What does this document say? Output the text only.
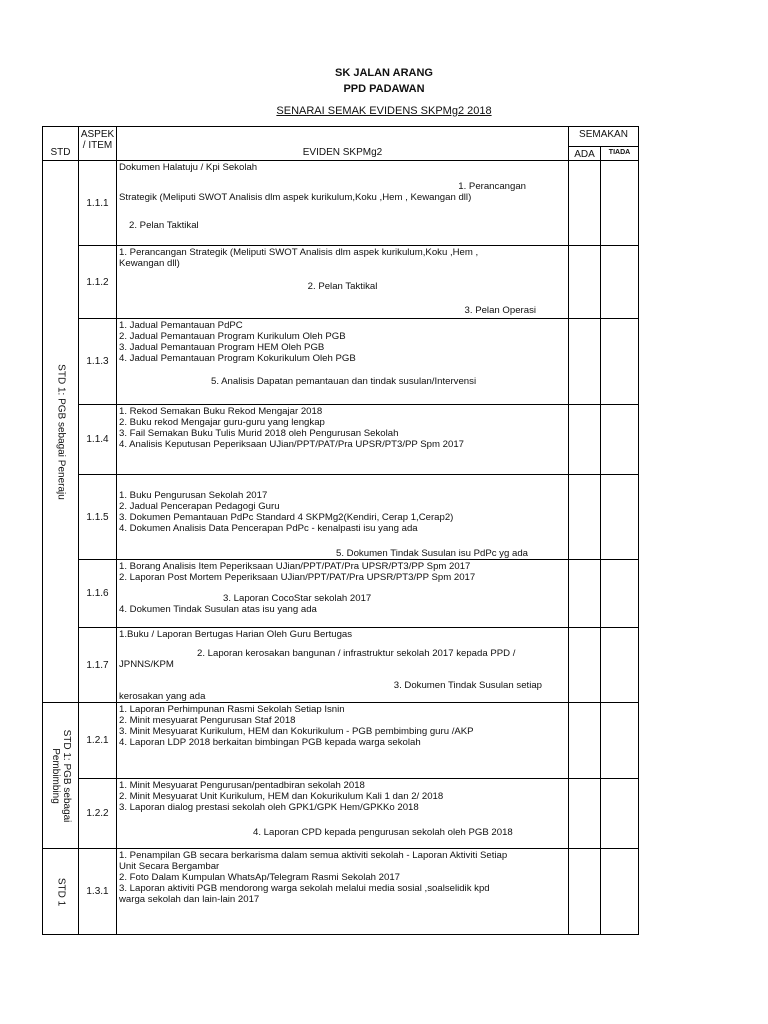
SK JALAN ARANG
PPD PADAWAN
SENARAI SEMAK EVIDENS SKPMg2 2018
STD	ASPEK
/ ITEM	EVIDEN SKPMg2	SEMAKAN	
			ADA	TIADA

STD 1: PGB sebagai Peneraju	1.1.1	Dokumen Halatuju / Kpi Sekolah
1. Perancangan
Strategik (Meliputi SWOT Analisis dlm aspek kurikulum,Koku ,Hem , Kewangan dll)
2. Pelan Taktikal		

	1.1.2	1. Perancangan Strategik (Meliputi SWOT Analisis dlm aspek kurikulum,Koku ,Hem ,
Kewangan dll)
2. Pelan Taktikal
3. Pelan Operasi		

	1.1.3	1. Jadual Pemantauan PdPC
2. Jadual Pemantauan Program Kurikulum Oleh PGB
3. Jadual Pemantauan Program HEM Oleh PGB
4. Jadual Pemantauan Program Kokurikulum Oleh PGB
5. Analisis Dapatan pemantauan dan tindak susulan/Intervensi		

	1.1.4	1. Rekod Semakan Buku Rekod Mengajar 2018
2. Buku rekod Mengajar guru-guru yang lengkap
3. Fail Semakan Buku Tulis Murid 2018 oleh Pengurusan Sekolah
4. Analisis Keputusan Peperiksaan UJian/PPT/PAT/Pra UPSR/PT3/PP Spm 2017		

	1.1.5	1. Buku Pengurusan Sekolah 2017
2. Jadual Pencerapan Pedagogi Guru
3. Dokumen Pemantauan PdPc Standard 4 SKPMg2(Kendiri, Cerap 1,Cerap2)
4. Dokumen Analisis Data Pencerapan PdPc - kenalpasti isu yang ada
5. Dokumen Tindak Susulan isu PdPc yg ada		

	1.1.6	1. Borang Analisis Item Peperiksaan UJian/PPT/PAT/Pra UPSR/PT3/PP Spm 2017
2. Laporan Post Mortem Peperiksaan UJian/PPT/PAT/Pra UPSR/PT3/PP Spm 2017
3. Laporan CocoStar sekolah 2017
4. Dokumen Tindak Susulan atas isu yang ada		

	1.1.7	1.Buku / Laporan Bertugas Harian Oleh Guru Bertugas
2. Laporan kerosakan bangunan / infrastruktur sekolah 2017 kepada PPD /
JPNNS/KPM
3. Dokumen Tindak Susulan setiap
kerosakan yang ada		

STD 1: PGB sebagai
Pembimbing	1.2.1	1. Laporan Perhimpunan Rasmi Sekolah Setiap Isnin
2. Minit mesyuarat Pengurusan Staf 2018
3. Minit Mesyuarat Kurikulum, HEM dan Kokurikulum - PGB pembimbing guru /AKP
4. Laporan LDP 2018 berkaitan bimbingan PGB kepada warga sekolah		

	1.2.2	1. Minit Mesyuarat Pengurusan/pentadbiran sekolah 2018
2. Minit Mesyuarat Unit Kurikulum, HEM dan Kokurikulum Kali 1 dan 2/ 2018
3. Laporan dialog prestasi sekolah oleh GPK1/GPK Hem/GPKKo 2018
4. Laporan CPD kepada pengurusan sekolah oleh PGB 2018		

STD 1	1.3.1	1. Penampilan GB secara berkarisma dalam semua aktiviti sekolah - Laporan Aktiviti Setiap
Unit Secara Bergambar
2. Foto Dalam Kumpulan WhatsAp/Telegram Rasmi Sekolah 2017
3. Laporan aktiviti PGB mendorong warga sekolah melalui media sosial ,soalselidik kpd
warga sekolah dan lain-lain 2017		
